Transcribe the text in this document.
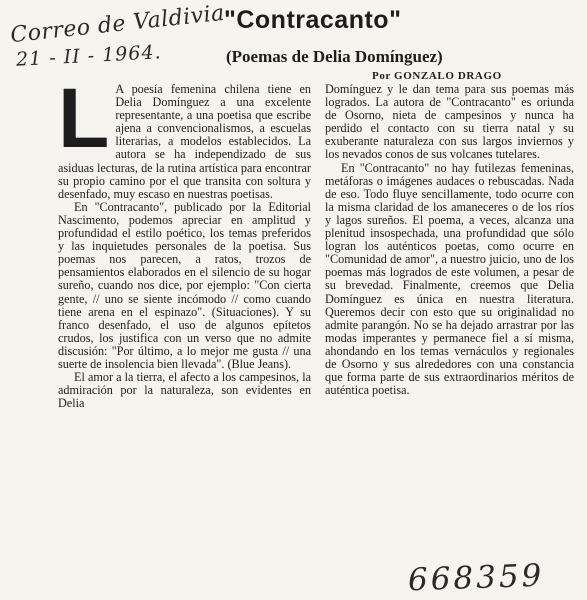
Correo de Valdivia
21 - II - 1964.
"Contracanto"
(Poemas de Delia Domínguez)
Por GONZALO DRAGO
L A poesía femenina chilena tiene en Delia Domínguez a una excelente representante, a una poetisa que escribe ajena a convencionalismos, a escuelas literarias, a modelos establecidos. La autora se ha independizado de sus asiduas lecturas, de la rutina artística para encontrar su propio camino por el que transita con soltura y desenfado, muy escaso en nuestras poetisas.

En "Contracanto", publicado por la Editorial Nascimento, podemos apreciar en amplitud y profundidad el estilo poético, los temas preferidos y las inquietudes personales de la poetisa. Sus poemas nos parecen, a ratos, trozos de pensamientos elaborados en el silencio de su hogar sureño, cuando nos dice, por ejemplo: "Con cierta gente, // uno se siente incómodo // como cuando tiene arena en el espinazo". (Situaciones). Y su franco desenfado, el uso de algunos epítetos crudos, los justifica con un verso que no admite discusión: "Por último, a lo mejor me gusta // una suerte de insolencia bien llevada". (Blue Jeans).

El amor a la tierra, el afecto a los campesinos, la admiración por la naturaleza, son evidentes en Delia

Domínguez y le dan tema para sus poemas más logrados. La autora de "Contracanto" es oriunda de Osorno, nieta de campesinos y nunca ha perdido el contacto con su tierra natal y su exuberante naturaleza con sus largos inviernos y los nevados conos de sus volcanes tutelares.

En "Contracanto" no hay futilezas femeninas, metáforas o imágenes audaces o rebuscadas. Nada de eso. Todo fluye sencillamente, todo ocurre con la misma claridad de los amaneceres o de los ríos y lagos sureños. El poema, a veces, alcanza una plenitud insospechada, una profundidad que sólo logran los auténticos poetas, como ocurre en "Comunidad de amor", a nuestro juicio, uno de los poemas más logrados de este volumen, a pesar de su brevedad. Finalmente, creemos que Delia Domínguez es única en nuestra literatura. Queremos decir con esto que su originalidad no admite parangón. No se ha dejado arrastrar por las modas imperantes y permanece fiel a sí misma, ahondando en los temas vernáculos y regionales de Osorno y sus alrededores con una constancia que forma parte de sus extraordinarios méritos de auténtica poetisa.

668359
